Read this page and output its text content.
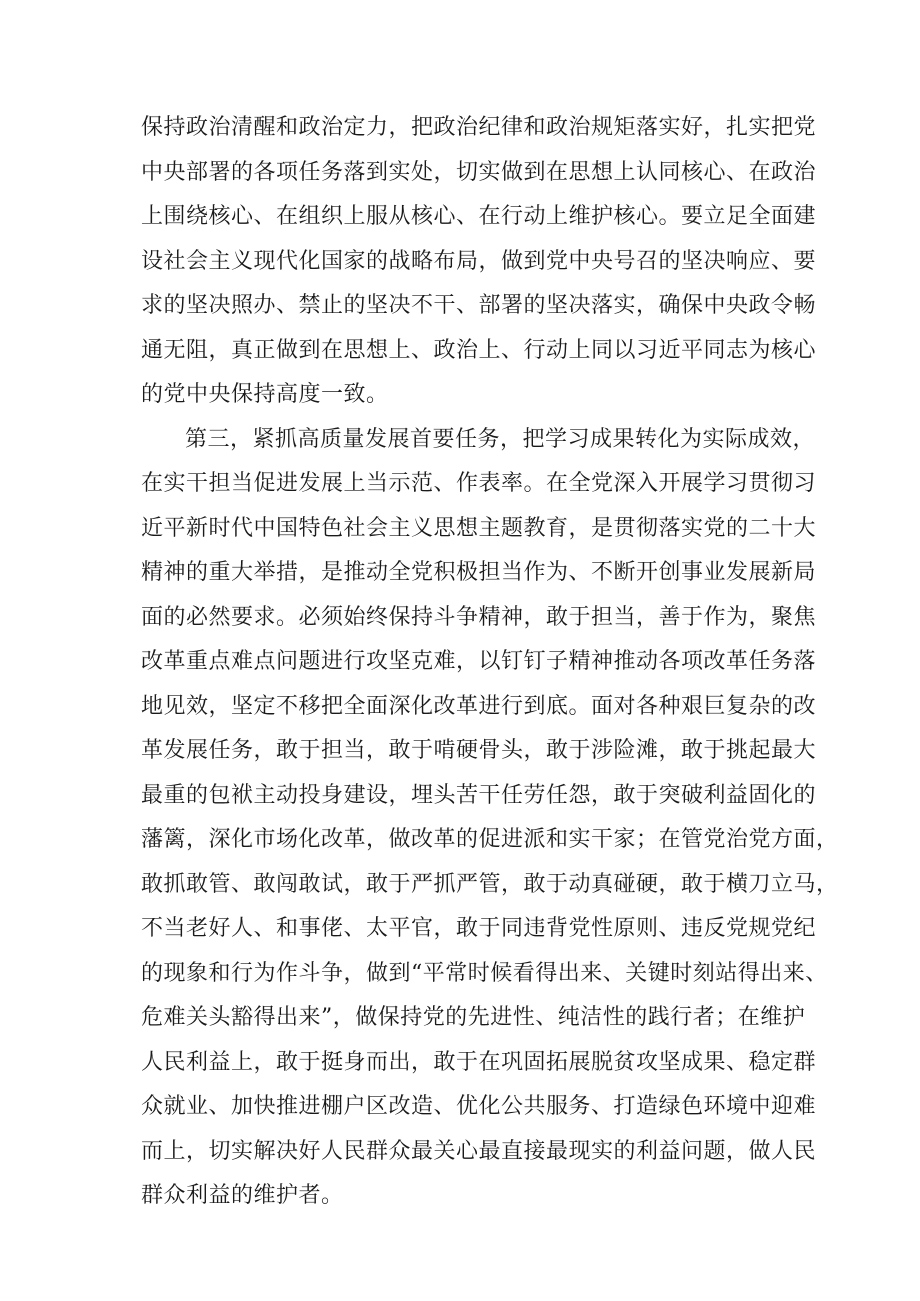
保持政治清醒和政治定力，把政治纪律和政治规矩落实好，扎实把党
中央部署的各项任务落到实处，切实做到在思想上认同核心、在政治
上围绕核心、在组织上服从核心、在行动上维护核心。要立足全面建
设社会主义现代化国家的战略布局，做到党中央号召的坚决响应、要
求的坚决照办、禁止的坚决不干、部署的坚决落实，确保中央政令畅
通无阻，真正做到在思想上、政治上、行动上同以习近平同志为核心
的党中央保持高度一致。
第三，紧抓高质量发展首要任务，把学习成果转化为实际成效，
在实干担当促进发展上当示范、作表率。在全党深入开展学习贯彻习
近平新时代中国特色社会主义思想主题教育，是贯彻落实党的二十大
精神的重大举措，是推动全党积极担当作为、不断开创事业发展新局
面的必然要求。必须始终保持斗争精神，敢于担当，善于作为，聚焦
改革重点难点问题进行攻坚克难，以钉钉子精神推动各项改革任务落
地见效，坚定不移把全面深化改革进行到底。面对各种艰巨复杂的改
革发展任务，敢于担当，敢于啃硬骨头，敢于涉险滩，敢于挑起最大
最重的包袱主动投身建设，埋头苦干任劳任怨，敢于突破利益固化的
藩篱，深化市场化改革，做改革的促进派和实干家；在管党治党方面，
敢抓敢管、敢闯敢试，敢于严抓严管，敢于动真碰硬，敢于横刀立马，
不当老好人、和事佬、太平官，敢于同违背党性原则、违反党规党纪
的现象和行为作斗争，做到“平常时候看得出来、关键时刻站得出来、
危难关头豁得出来”，做保持党的先进性、纯洁性的践行者；在维护
人民利益上，敢于挺身而出，敢于在巩固拓展脱贫攻坚成果、稳定群
众就业、加快推进棚户区改造、优化公共服务、打造绿色环境中迎难
而上，切实解决好人民群众最关心最直接最现实的利益问题，做人民
群众利益的维护者。
